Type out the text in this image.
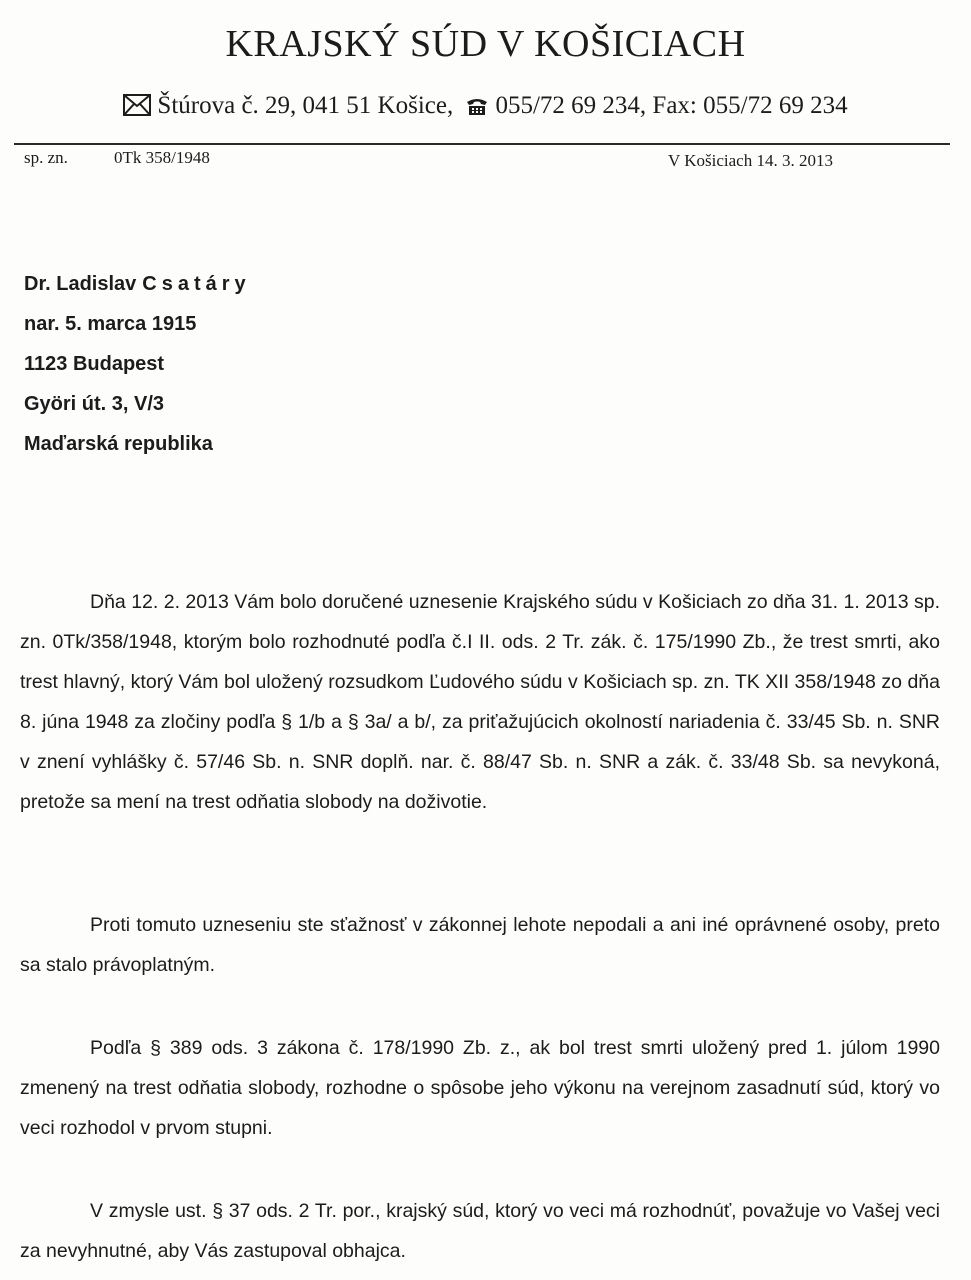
KRAJSKÝ SÚD V KOŠICIACH
Štúrova č. 29, 041 51 Košice, 055/72 69 234, Fax: 055/72 69 234
sp. zn.	0Tk 358/1948	V Košiciach 14. 3. 2013
Dr. Ladislav Csatáry
nar. 5. marca 1915
1123 Budapest
Györi út. 3, V/3
Maďarská republika

Dňa 12. 2. 2013 Vám bolo doručené uznesenie Krajského súdu v Košiciach zo dňa 31. 1. 2013 sp. zn. 0Tk/358/1948, ktorým bolo rozhodnuté podľa č.I II. ods. 2 Tr. zák. č. 175/1990 Zb., že trest smrti, ako trest hlavný, ktorý Vám bol uložený rozsudkom Ľudového súdu v Košiciach sp. zn. TK XII 358/1948 zo dňa 8. júna 1948 za zločiny podľa § 1/b a § 3a/ a b/, za priťažujúcich okolností nariadenia č. 33/45 Sb. n. SNR v znení vyhlášky č. 57/46 Sb. n. SNR doplň. nar. č. 88/47 Sb. n. SNR a zák. č. 33/48 Sb. sa nevykoná, pretože sa mení na trest odňatia slobody na doživotie.

Proti tomuto uzneseniu ste sťažnosť v zákonnej lehote nepodali a ani iné oprávnené osoby, preto sa stalo právoplatným.

Podľa § 389 ods. 3 zákona č. 178/1990 Zb. z., ak bol trest smrti uložený pred 1. júlom 1990 zmenený na trest odňatia slobody, rozhodne o spôsobe jeho výkonu na verejnom zasadnutí súd, ktorý vo veci rozhodol v prvom stupni.

V zmysle ust. § 37 ods. 2 Tr. por., krajský súd, ktorý vo veci má rozhodnúť, považuje vo Vašej veci za nevyhnutné, aby Vás zastupoval obhajca.
